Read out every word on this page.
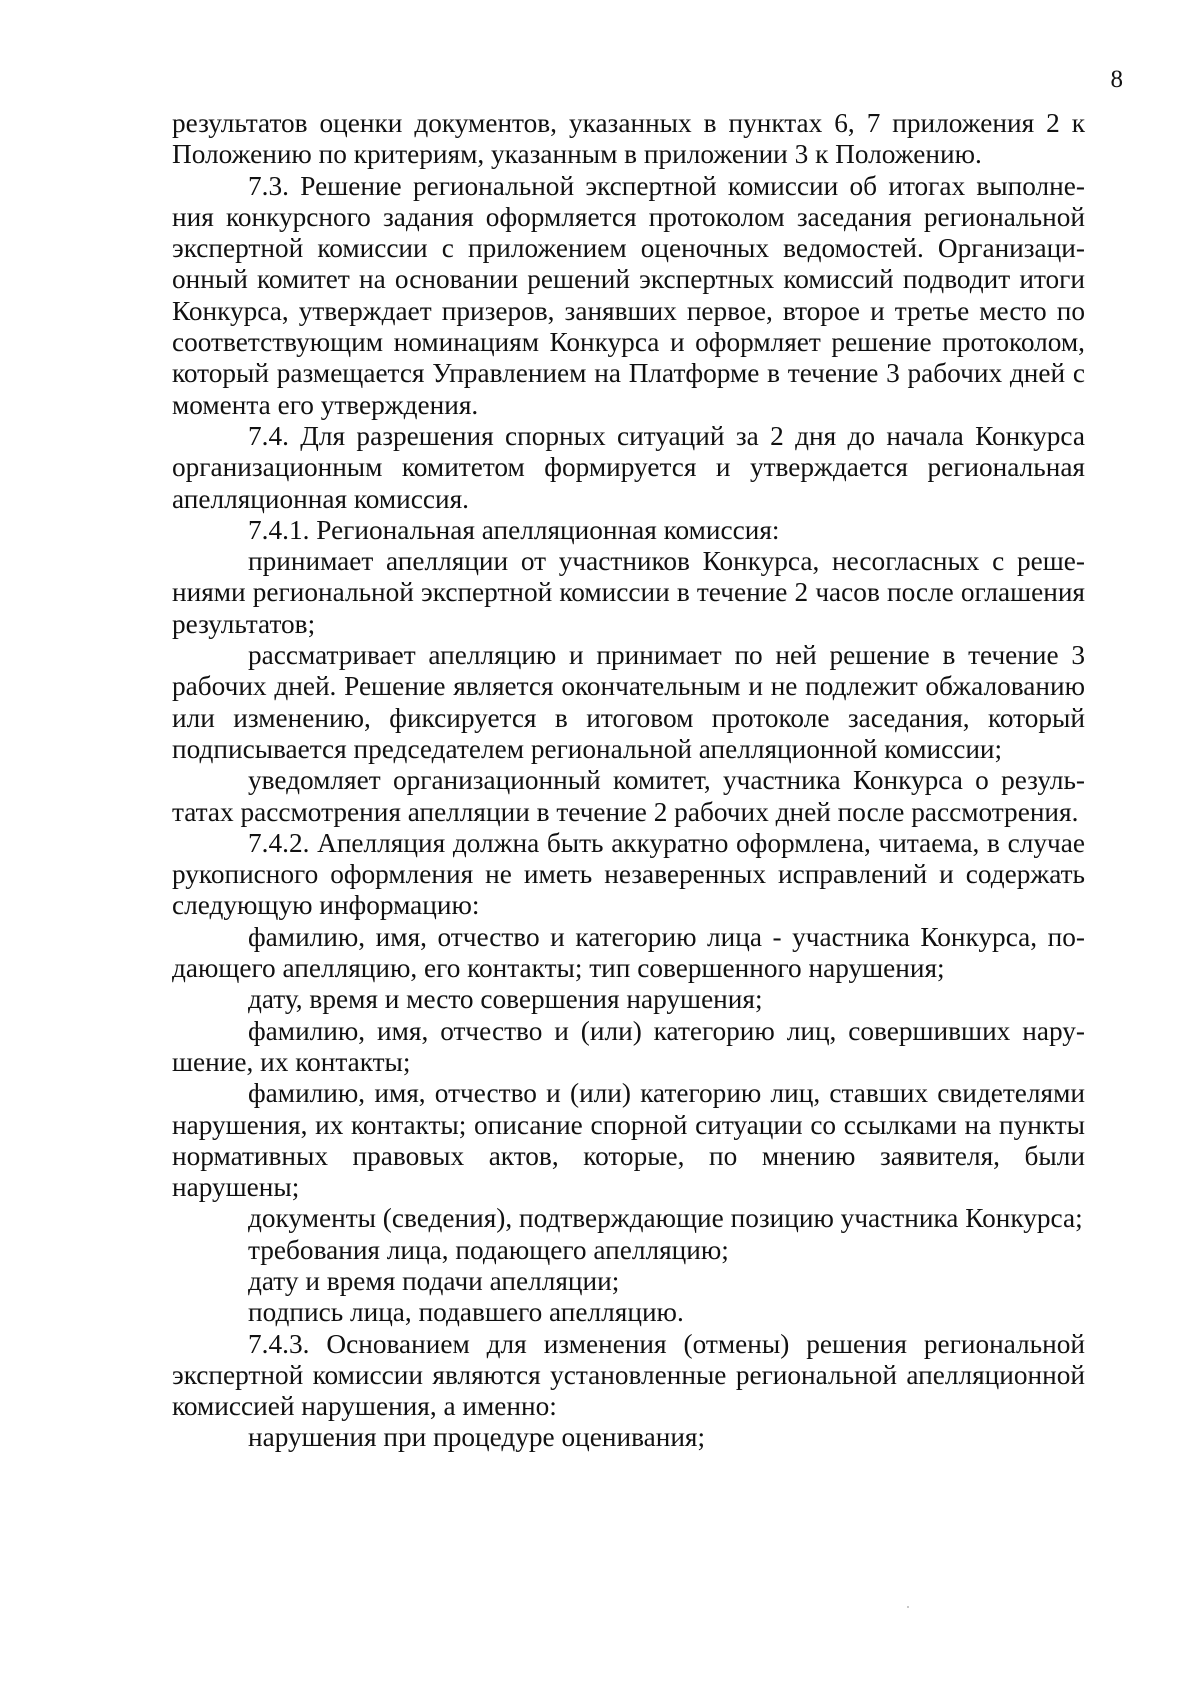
8

результатов оценки документов, указанных в пунктах 6, 7 приложения 2 к Положению по критериям, указанным в приложении 3 к Положению.

7.3. Решение региональной экспертной комиссии об итогах выполнения конкурсного задания оформляется протоколом заседания региональной экспертной комиссии с приложением оценочных ведомостей. Организационный комитет на основании решений экспертных комиссий подводит итоги Конкурса, утверждает призеров, занявших первое, второе и третье место по соответствующим номинациям Конкурса и оформляет решение протоколом, который размещается Управлением на Платформе в течение 3 рабочих дней с момента его утверждения.

7.4. Для разрешения спорных ситуаций за 2 дня до начала Конкурса организационным комитетом формируется и утверждается региональная апелляционная комиссия.

7.4.1. Региональная апелляционная комиссия:

принимает апелляции от участников Конкурса, несогласных с решениями региональной экспертной комиссии в течение 2 часов после оглашения результатов;

рассматривает апелляцию и принимает по ней решение в течение 3 рабочих дней. Решение является окончательным и не подлежит обжалованию или изменению, фиксируется в итоговом протоколе заседания, который подписывается председателем региональной апелляционной комиссии;

уведомляет организационный комитет, участника Конкурса о результатах рассмотрения апелляции в течение 2 рабочих дней после рассмотрения.

7.4.2. Апелляция должна быть аккуратно оформлена, читаема, в случае рукописного оформления не иметь незаверенных исправлений и содержать следующую информацию:

фамилию, имя, отчество и категорию лица - участника Конкурса, подающего апелляцию, его контакты; тип совершенного нарушения;

дату, время и место совершения нарушения;

фамилию, имя, отчество и (или) категорию лиц, совершивших нарушение, их контакты;

фамилию, имя, отчество и (или) категорию лиц, ставших свидетелями нарушения, их контакты; описание спорной ситуации со ссылками на пункты нормативных правовых актов, которые, по мнению заявителя, были нарушены;

документы (сведения), подтверждающие позицию участника Конкурса;

требования лица, подающего апелляцию;

дату и время подачи апелляции;

подпись лица, подавшего апелляцию.

7.4.3. Основанием для изменения (отмены) решения региональной экспертной комиссии являются установленные региональной апелляционной комиссией нарушения, а именно:

нарушения при процедуре оценивания;
